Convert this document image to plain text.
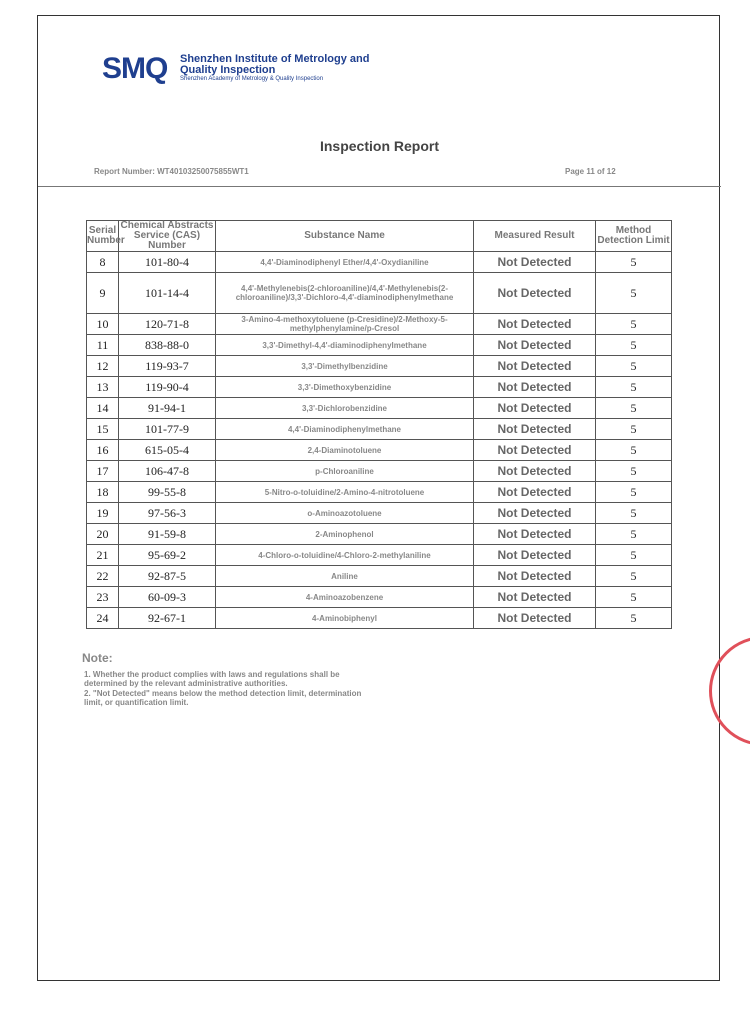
SMQ Shenzhen Institute of Metrology and Quality Inspection
Shenzhen Academy of Metrology & Quality Inspection
Inspection Report
Report Number: WT40103250075855WT1	Page 11 of 12
Serial Number	Chemical Abstracts Service (CAS) Number	Substance Name	Measured Result	Method Detection Limit
8	101-80-4	4,4'-Diaminodiphenyl Ether/4,4'-Oxydianiline	Not Detected	5
9	101-14-4	4,4'-Methylenebis(2-chloroaniline)/4,4'-Methylenebis(2-chloroaniline)/3,3'-Dichloro-4,4'-diaminodiphenylmethane	Not Detected	5
10	120-71-8	3-Amino-4-methoxytoluene (p-Cresidine)/2-Methoxy-5-methylphenylamine/p-Cresol	Not Detected	5
11	838-88-0	3,3'-Dimethyl-4,4'-diaminodiphenylmethane	Not Detected	5
12	119-93-7	3,3'-Dimethylbenzidine	Not Detected	5
13	119-90-4	3,3'-Dimethoxybenzidine	Not Detected	5
14	91-94-1	3,3'-Dichlorobenzidine	Not Detected	5
15	101-77-9	4,4'-Diaminodiphenylmethane	Not Detected	5
16	615-05-4	2,4-Diaminotoluene	Not Detected	5
17	106-47-8	p-Chloroaniline	Not Detected	5
18	99-55-8	5-Nitro-o-toluidine/2-Amino-4-nitrotoluene	Not Detected	5
19	97-56-3	o-Aminoazotoluene	Not Detected	5
20	91-59-8	2-Aminophenol	Not Detected	5
21	95-69-2	4-Chloro-o-toluidine/4-Chloro-2-methylaniline	Not Detected	5
22	92-87-5	Aniline	Not Detected	5
23	60-09-3	4-Aminoazobenzene	Not Detected	5
24	92-67-1	4-Aminobiphenyl	Not Detected	5
Note:
1. Whether the product complies with laws and regulations shall be determined by the relevant administrative authorities.
2. "Not Detected" means below the method detection limit, determination limit, or quantification limit.
